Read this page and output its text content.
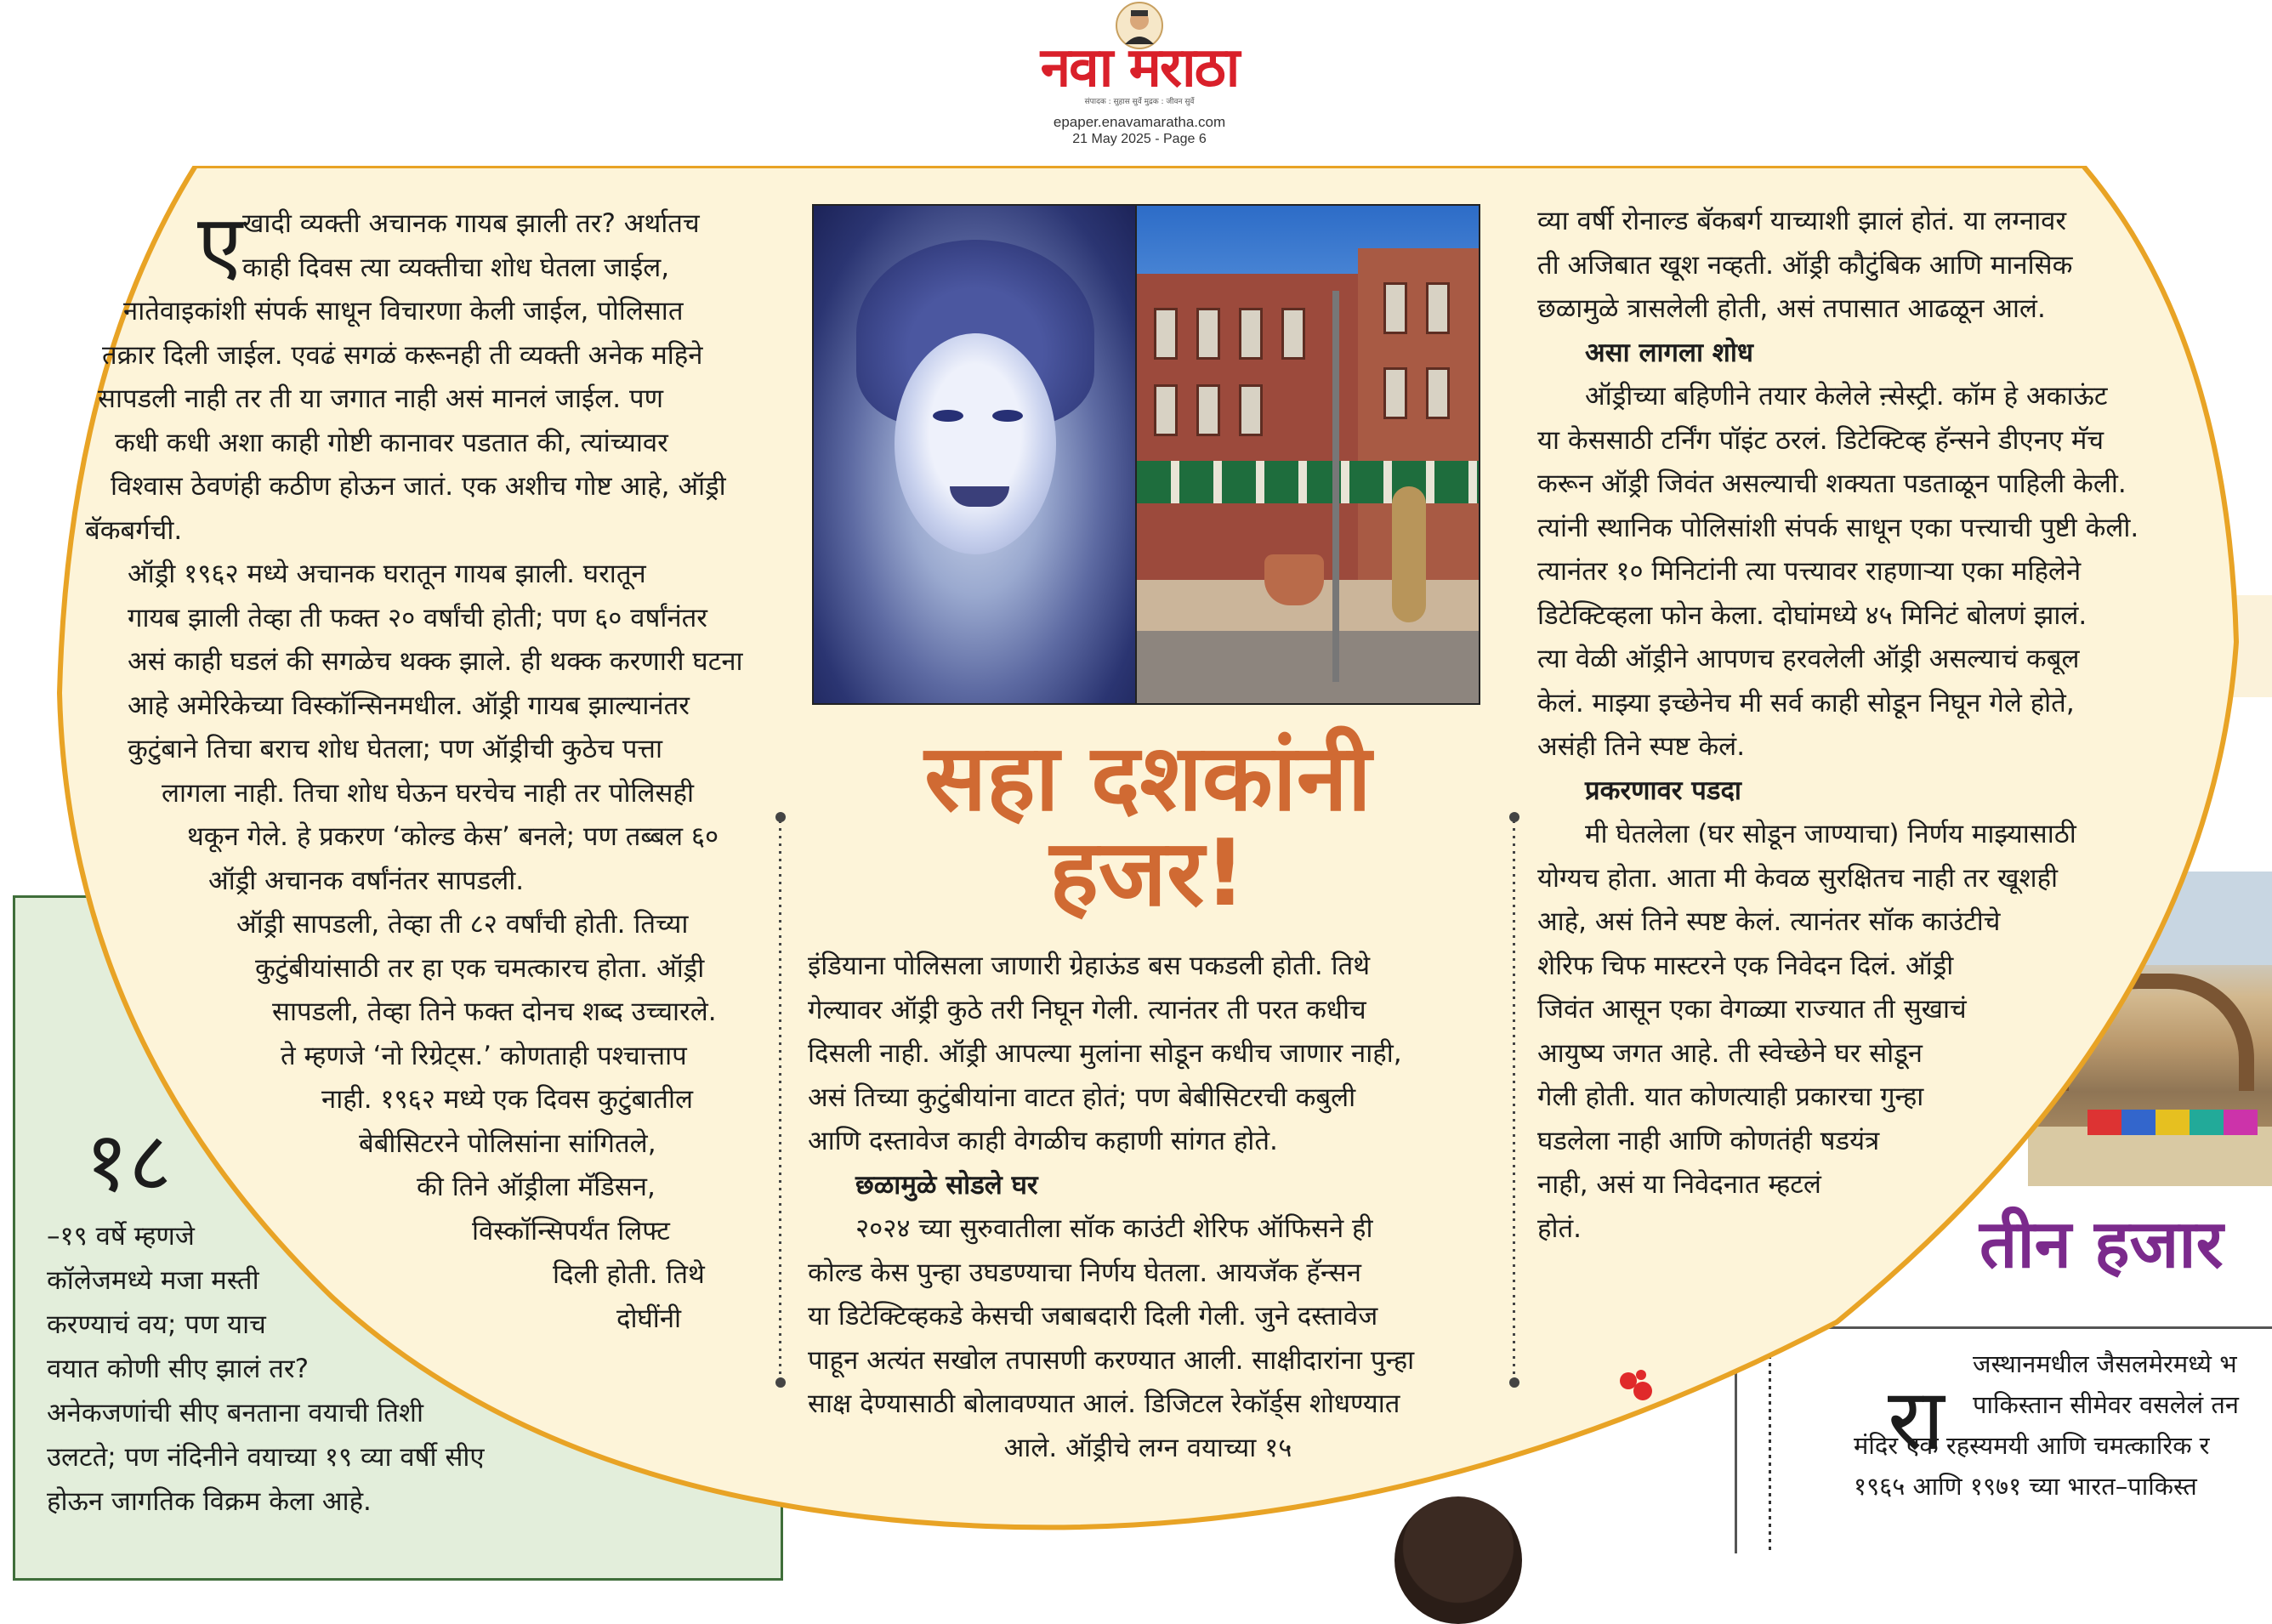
नवा मराठा
संपादक : सुहास सुर्वे मुद्रक : जीवन सुर्वे
epaper.enavamaratha.com
21 May 2025 - Page 6
१८
–१९ वर्षे म्हणजे
कॉलेजमध्ये मजा मस्ती
करण्याचं वय; पण याच
वयात कोणी सीए झालं तर?
अनेकजणांची सीए बनताना वयाची तिशी
उलटते; पण नंदिनीने वयाच्या १९ व्या वर्षी सीए
होऊन जागतिक विक्रम केला आहे.
तीन हजार
रा
जस्थानमधील जैसलमेरमध्ये भ
पाकिस्तान सीमेवर वसलेलं तन
मंदिर एक रहस्यमयी आणि चमत्कारिक र
१९६५ आणि १९७१ च्या भारत–पाकिस्त
ए खादी व्यक्ती अचानक गायब झाली तर? अर्थातच
काही दिवस त्या व्यक्तीचा शोध घेतला जाईल,
नातेवाइकांशी संपर्क साधून विचारणा केली जाईल, पोलिसात
तक्रार दिली जाईल. एवढं सगळं करूनही ती व्यक्ती अनेक महिने
सापडली नाही तर ती या जगात नाही असं मानलं जाईल. पण
कधी कधी अशा काही गोष्टी कानावर पडतात की, त्यांच्यावर
विश्वास ठेवणंही कठीण होऊन जातं. एक अशीच गोष्ट आहे, ऑड्री
बॅकबर्गची.
ऑड्री १९६२ मध्ये अचानक घरातून गायब झाली. घरातून
गायब झाली तेव्हा ती फक्त २० वर्षांची होती; पण ६० वर्षांनंतर
असं काही घडलं की सगळेच थक्क झाले. ही थक्क करणारी घटना
आहे अमेरिकेच्या विस्कॉन्सिनमधील. ऑड्री गायब झाल्यानंतर
कुटुंबाने तिचा बराच शोध घेतला; पण ऑड्रीची कुठेच पत्ता
लागला नाही. तिचा शोध घेऊन घरचेच नाही तर पोलिसही
थकून गेले. हे प्रकरण ‘कोल्ड केस’ बनले; पण तब्बल ६०
ऑड्री अचानक वर्षांनंतर सापडली.
ऑड्री सापडली, तेव्हा ती ८२ वर्षांची होती. तिच्या
कुटुंबीयांसाठी तर हा एक चमत्कारच होता. ऑड्री
सापडली, तेव्हा तिने फक्त दोनच शब्द उच्चारले.
ते म्हणजे ‘नो रिग्रेट्स.’ कोणताही पश्चात्ताप
नाही. १९६२ मध्ये एक दिवस कुटुंबातील
बेबीसिटरने पोलिसांना सांगितले,
की तिने ऑड्रीला मॅडिसन,
विस्कॉन्सिपर्यंत लिफ्ट
दिली होती. तिथे
दोघींनी
सहा दशकांनी
हजर!
इंडियाना पोलिसला जाणारी ग्रेहाऊंड बस पकडली होती. तिथे
गेल्यावर ऑड्री कुठे तरी निघून गेली. त्यानंतर ती परत कधीच
दिसली नाही. ऑड्री आपल्या मुलांना सोडून कधीच जाणार नाही,
असं तिच्या कुटुंबीयांना वाटत होतं; पण बेबीसिटरची कबुली
आणि दस्तावेज काही वेगळीच कहाणी सांगत होते.
छळामुळे सोडले घर
२०२४ च्या सुरुवातीला सॉक काउंटी शेरिफ ऑफिसने ही
कोल्ड केस पुन्हा उघडण्याचा निर्णय घेतला. आयजॅक हॅन्सन
या डिटेक्टिव्हकडे केसची जबाबदारी दिली गेली. जुने दस्तावेज
पाहून अत्यंत सखोल तपासणी करण्यात आली. साक्षीदारांना पुन्हा
साक्ष देण्यासाठी बोलावण्यात आलं. डिजिटल रेकॉर्ड्स शोधण्यात
आले. ऑड्रीचे लग्न वयाच्या १५
व्या वर्षी रोनाल्ड बॅकबर्ग याच्याशी झालं होतं. या लग्नावर
ती अजिबात खूश नव्हती. ऑड्री कौटुंबिक आणि मानसिक
छळामुळे त्रासलेली होती, असं तपासात आढळून आलं.
असा लागला शोध
ऑड्रीच्या बहिणीने तयार केलेले ऩ्सेस्ट्री. कॉम हे अकाऊंट
या केससाठी टर्निंग पॉइंट ठरलं. डिटेक्टिव्ह हॅन्सने डीएनए मॅच
करून ऑड्री जिवंत असल्याची शक्यता पडताळून पाहिली केली.
त्यांनी स्थानिक पोलिसांशी संपर्क साधून एका पत्त्याची पुष्टी केली.
त्यानंतर १० मिनिटांनी त्या पत्त्यावर राहणाऱ्या एका महिलेने
डिटेक्टिव्हला फोन केला. दोघांमध्ये ४५ मिनिटं बोलणं झालं.
त्या वेळी ऑड्रीने आपणच हरवलेली ऑड्री असल्याचं कबूल
केलं. माझ्या इच्छेनेच मी सर्व काही सोडून निघून गेले होते,
असंही तिने स्पष्ट केलं.
प्रकरणावर पडदा
मी घेतलेला (घर सोडून जाण्याचा) निर्णय माझ्यासाठी
योग्यच होता. आता मी केवळ सुरक्षितच नाही तर खूशही
आहे, असं तिने स्पष्ट केलं. त्यानंतर सॉक काउंटीचे
शेरिफ चिफ मास्टरने एक निवेदन दिलं. ऑड्री
जिवंत आसून एका वेगळ्या राज्यात ती सुखाचं
आयुष्य जगत आहे. ती स्वेच्छेने घर सोडून
गेली होती. यात कोणत्याही प्रकारचा गुन्हा
घडलेला नाही आणि कोणतंही षडयंत्र
नाही, असं या निवेदनात म्हटलं
होतं.
